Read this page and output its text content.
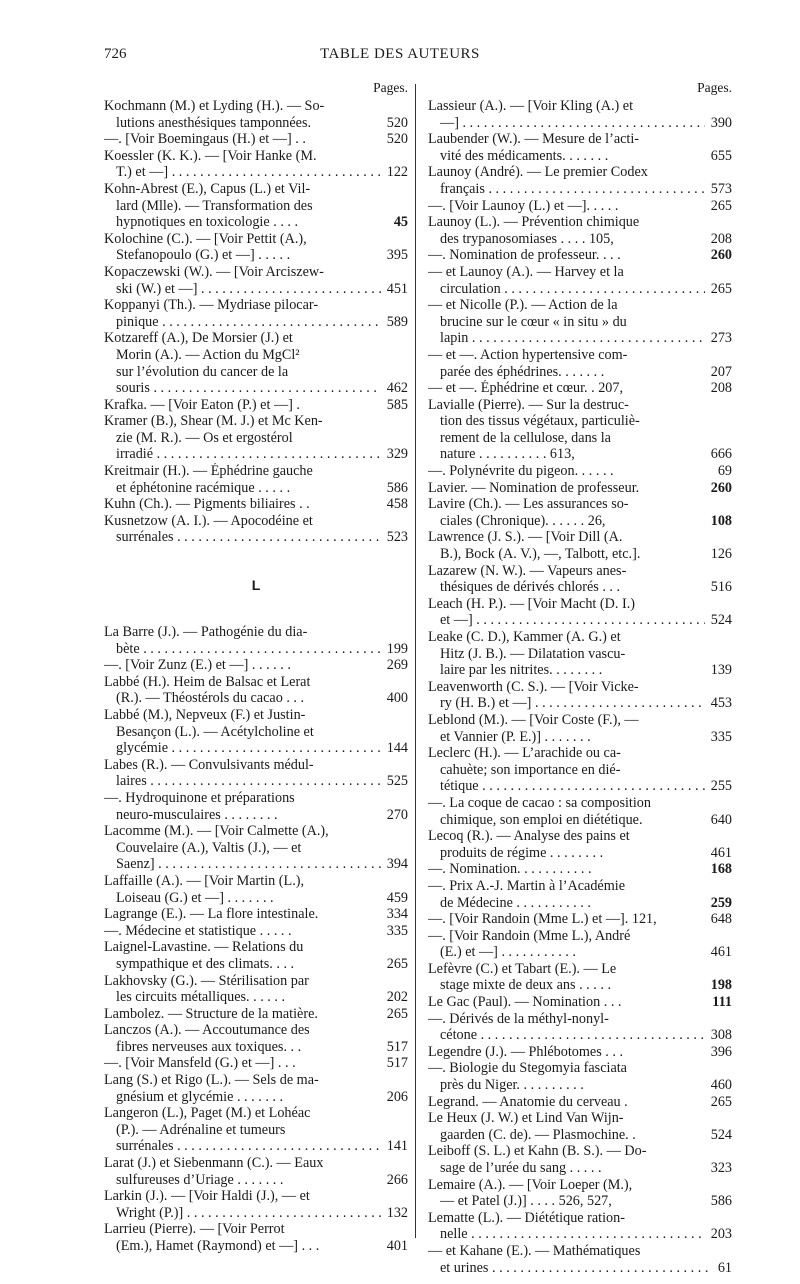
726	TABLE DES AUTEURS
Pages.
Kochmann (M.) et Lyding (H.). — So-
lutions anesthésiques tamponnées.	520
—. [Voir Boemingaus (H.) et —] . .	520
Koessler (K. K.). — [Voir Hanke (M.
T.) et —] . . .	122
Kohn-Abrest (E.), Capus (L.) et Vil-
lard (Mlle). — Transformation des
hypnotiques en toxicologie . . . .	45
Kolochine (C.). — [Voir Pettit (A.),
Stefanopoulo (G.) et —] . . . . .	395
Kopaczewski (W.). — [Voir Arciszew-
ski (W.) et —] . . .	451
Koppanyi (Th.). — Mydriase pilocar-
pinique . . .	589
Kotzareff (A.), De Morsier (J.) et
Morin (A.). — Action du MgCl²
sur l’évolution du cancer de la
souris . . .	462
Krafka. — [Voir Eaton (P.) et —] .	585
Kramer (B.), Shear (M. J.) et Mc Ken-
zie (M. R.). — Os et ergostérol
irradié . . .	329
Kreitmair (H.). — Éphédrine gauche
et éphétonine racémique . . . . .	586
Kuhn (Ch.). — Pigments biliaires . .	458
Kusnetzow (A. I.). — Apocodéine et
surrénales . . .	523
L
La Barre (J.). — Pathogénie du dia-
bète . . .	199
—. [Voir Zunz (E.) et —] . . . . . .	269
Labbé (H.). Heim de Balsac et Lerat
(R.). — Théostérols du cacao . . .	400
Labbé (M.), Nepveux (F.) et Justin-
Besançon (L.). — Acétylcholine et
glycémie . . .	144
Labes (R.). — Convulsivants médul-
laires . . .	525
—. Hydroquinone et préparations
neuro-musculaires . . . . . . . .	270
Lacomme (M.). — [Voir Calmette (A.),
Couvelaire (A.), Valtis (J.), — et
Saenz] . . .	394
Laffaille (A.). — [Voir Martin (L.),
Loiseau (G.) et —] . . . . . . .	459
Lagrange (E.). — La flore intestinale.	334
—. Médecine et statistique . . . . .	335
Laignel-Lavastine. — Relations du
sympathique et des climats. . . .	265
Lakhovsky (G.). — Stérilisation par
les circuits métalliques. . . . . .	202
Lambolez. — Structure de la matière.	265
Lanczos (A.). — Accoutumance des
fibres nerveuses aux toxiques. . .	517
—. [Voir Mansfeld (G.) et —] . . .	517
Lang (S.) et Rigo (L.). — Sels de ma-
gnésium et glycémie . . . . . . .	206
Langeron (L.), Paget (M.) et Lohéac
(P.). — Adrénaline et tumeurs
surrénales . . .	141
Larat (J.) et Siebenmann (C.). — Eaux
sulfureuses d’Uriage . . . . . . .	266
Larkin (J.). — [Voir Haldi (J.), — et
Wright (P.)] . . .	132
Larrieu (Pierre). — [Voir Perrot
(Em.), Hamet (Raymond) et —] . . .	401
Pages.
Lassieur (A.). — [Voir Kling (A.) et
—] . . .	390
Laubender (W.). — Mesure de l’acti-
vité des médicaments. . . . . . .	655
Launoy (André). — Le premier Codex
français . . .	573
—. [Voir Launoy (L.) et —]. . . . .	265
Launoy (L.). — Prévention chimique
des trypanosomiases . . . . 105,	208
—. Nomination de professeur. . . .	260
— et Launoy (A.). — Harvey et la
circulation . . .	265
— et Nicolle (P.). — Action de la
brucine sur le cœur « in situ » du
lapin . . .	273
— et —. Action hypertensive com-
parée des éphédrines. . . . . . .	207
— et —. Éphédrine et cœur. . 207,	208
Lavialle (Pierre). — Sur la destruc-
tion des tissus végétaux, particuliè-
rement de la cellulose, dans la
nature . . . . . . . . . . 613,	666
—. Polynévrite du pigeon. . . . . .	69
Lavier. — Nomination de professeur.	260
Lavire (Ch.). — Les assurances so-
ciales (Chronique). . . . . . 26,	108
Lawrence (J. S.). — [Voir Dill (A.
B.), Bock (A. V.), —, Talbott, etc.].	126
Lazarew (N. W.). — Vapeurs anes-
thésiques de dérivés chlorés . . .	516
Leach (H. P.). — [Voir Macht (D. I.)
et —] . . .	524
Leake (C. D.), Kammer (A. G.) et
Hitz (J. B.). — Dilatation vascu-
laire par les nitrites. . . . . . . .	139
Leavenworth (C. S.). — [Voir Vicke-
ry (H. B.) et —] . . .	453
Leblond (M.). — [Voir Coste (F.), —
et Vannier (P. E.)] . . . . . . .	335
Leclerc (H.). — L’arachide ou ca-
cahuète; son importance en dié-
tétique . . .	255
—. La coque de cacao : sa composition
chimique, son emploi en diététique.	640
Lecoq (R.). — Analyse des pains et
produits de régime . . . . . . . .	461
—. Nomination. . . . . . . . . . .	168
—. Prix A.-J. Martin à l’Académie
de Médecine . . . . . . . . . . .	259
—. [Voir Randoin (Mme L.) et —]. 121,	648
—. [Voir Randoin (Mme L.), André
(E.) et —] . . . . . . . . . . .	461
Lefèvre (C.) et Tabart (E.). — Le
stage mixte de deux ans . . . . .	198
Le Gac (Paul). — Nomination . . .	111
—. Dérivés de la méthyl-nonyl-
cétone . . .	308
Legendre (J.). — Phlébotomes . . .	396
—. Biologie du Stegomyia fasciata
près du Niger. . . . . . . . . .	460
Legrand. — Anatomie du cerveau .	265
Le Heux (J. W.) et Lind Van Wijn-
gaarden (C. de). — Plasmochine. .	524
Leiboff (S. L.) et Kahn (B. S.). — Do-
sage de l’urée du sang . . . . .	323
Lemaire (A.). — [Voir Loeper (M.),
— et Patel (J.)] . . . . 526, 527,	586
Lematte (L.). — Diététique ration-
nelle . . .	203
— et Kahane (E.). — Mathématiques
et urines . . .	61
